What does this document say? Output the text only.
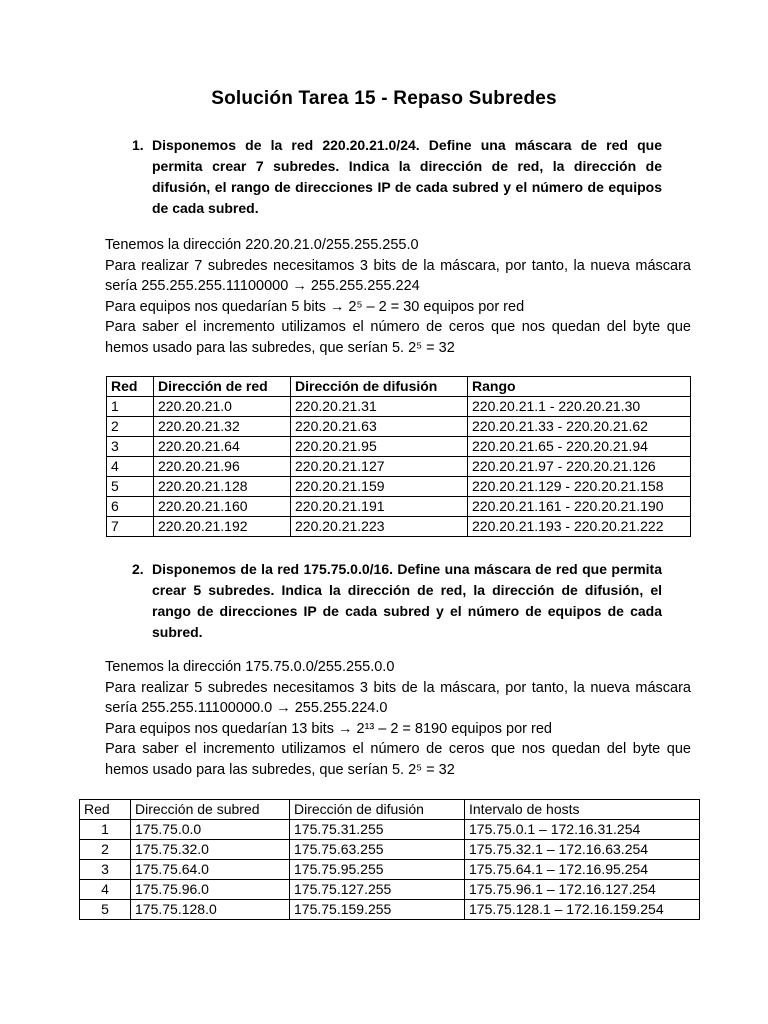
Solución Tarea 15 - Repaso Subredes
1. Disponemos de la red 220.20.21.0/24. Define una máscara de red que permita crear 7 subredes. Indica la dirección de red, la dirección de difusión, el rango de direcciones IP de cada subred y el número de equipos de cada subred.

Tenemos la dirección 220.20.21.0/255.255.255.0

Para realizar 7 subredes necesitamos 3 bits de la máscara, por tanto, la nueva máscara sería 255.255.255.11100000 → 255.255.255.224

Para equipos nos quedarían 5 bits → 2⁵ – 2 = 30 equipos por red

Para saber el incremento utilizamos el número de ceros que nos quedan del byte que hemos usado para las subredes, que serían 5. 2⁵ = 32

Red	Dirección de red	Dirección de difusión	Rango
1	220.20.21.0	220.20.21.31	220.20.21.1 - 220.20.21.30
2	220.20.21.32	220.20.21.63	220.20.21.33 - 220.20.21.62
3	220.20.21.64	220.20.21.95	220.20.21.65 - 220.20.21.94
4	220.20.21.96	220.20.21.127	220.20.21.97 - 220.20.21.126
5	220.20.21.128	220.20.21.159	220.20.21.129 - 220.20.21.158
6	220.20.21.160	220.20.21.191	220.20.21.161 - 220.20.21.190
7	220.20.21.192	220.20.21.223	220.20.21.193 - 220.20.21.222
2. Disponemos de la red 175.75.0.0/16. Define una máscara de red que permita crear 5 subredes. Indica la dirección de red, la dirección de difusión, el rango de direcciones IP de cada subred y el número de equipos de cada subred.

Tenemos la dirección 175.75.0.0/255.255.0.0

Para realizar 5 subredes necesitamos 3 bits de la máscara, por tanto, la nueva máscara sería 255.255.11100000.0 → 255.255.224.0

Para equipos nos quedarían 13 bits → 2¹³ – 2 = 8190 equipos por red

Para saber el incremento utilizamos el número de ceros que nos quedan del byte que hemos usado para las subredes, que serían 5. 2⁵ = 32

Red	Dirección de subred	Dirección de difusión	Intervalo de hosts
1	175.75.0.0	175.75.31.255	175.75.0.1 – 172.16.31.254
2	175.75.32.0	175.75.63.255	175.75.32.1 – 172.16.63.254
3	175.75.64.0	175.75.95.255	175.75.64.1 – 172.16.95.254
4	175.75.96.0	175.75.127.255	175.75.96.1 – 172.16.127.254
5	175.75.128.0	175.75.159.255	175.75.128.1 – 172.16.159.254
